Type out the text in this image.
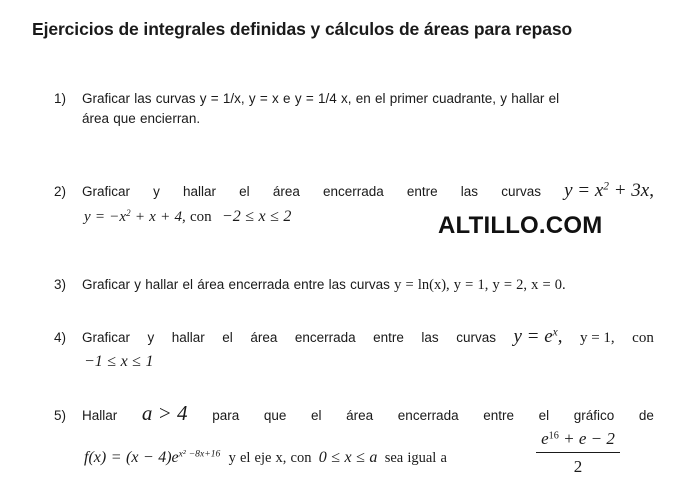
Ejercicios de integrales definidas y cálculos de áreas para repaso
1) Graficar las curvas y = 1/x, y = x e y = 1/4 x, en el primer cuadrante, y hallar el
área que encierran.
2) Graficar y hallar el área encerrada entre las curvas $y = x^2 + 3x$,
$y = -x^2 + x + 4$, con −2 ≤ x ≤ 2	ALTILLO.COM
3) Graficar y hallar el área encerrada entre las curvas y = ln(x), y = 1, y = 2, x = 0.
4) Graficar y hallar el área encerrada entre las curvas $y = e^x$, y = 1, con
−1 ≤ x ≤ 1
5) Hallar a > 4 para que el área encerrada entre el gráfico de
$f(x) = (x - 4)e^{x^2 -8x+16}$ y el eje x, con 0 ≤ x ≤ a sea igual a
$e^{16} + e - 2$
2
